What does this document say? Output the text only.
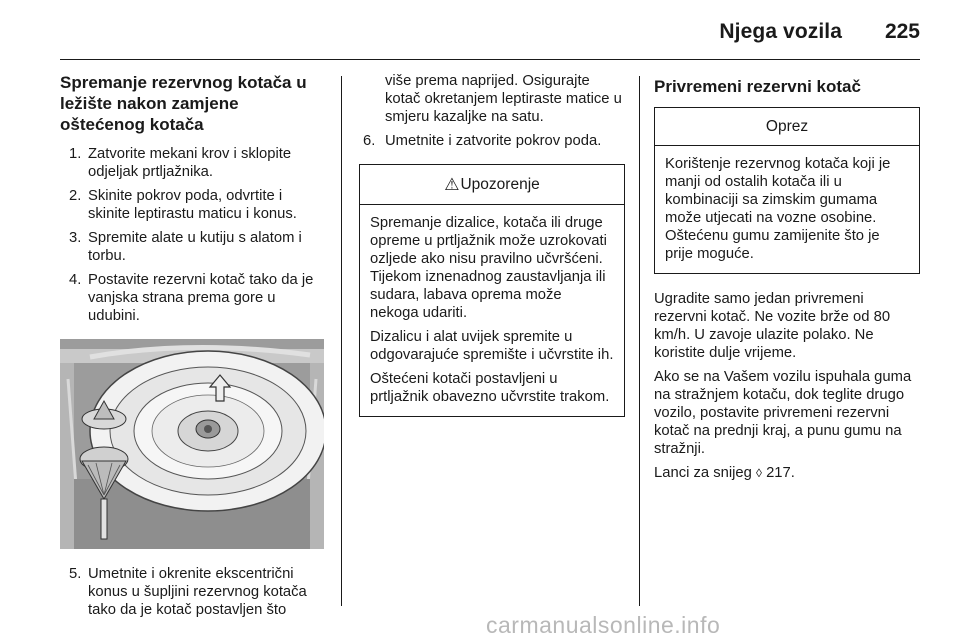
Njega vozila 225
Spremanje rezervnog kotača u ležište nakon zamjene oštećenog kotača
1. Zatvorite mekani krov i sklopite odjeljak prtljažnika.
2. Skinite pokrov poda, odvrtite i skinite leptirastu maticu i konus.
3. Spremite alate u kutiju s alatom i torbu.
4. Postavite rezervni kotač tako da je vanjska strana prema gore u udubini.
5. Umetnite i okrenite ekscentrični konus u šupljini rezervnog kotača tako da je kotač postavljen što

više prema naprijed. Osigurajte kotač okretanjem leptiraste matice u smjeru kazaljke na satu.

6. Umetnite i zatvorite pokrov poda.
⚠ Upozorenje

Spremanje dizalice, kotača ili druge opreme u prtljažnik može uzrokovati ozljede ako nisu pravilno učvršćeni. Tijekom iznenadnog zaustavljanja ili sudara, labava oprema može nekoga udariti.

Dizalicu i alat uvijek spremite u odgovarajuće spremište i učvrstite ih.

Oštećeni kotači postavljeni u prtljažnik obavezno učvrstite trakom.

Privremeni rezervni kotač
Oprez

Korištenje rezervnog kotača koji je manji od ostalih kotača ili u kombinaciji sa zimskim gumama može utjecati na vozne osobine. Oštećenu gumu zamijenite što je prije moguće.

Ugradite samo jedan privremeni rezervni kotač. Ne vozite brže od 80 km/h. U zavoje ulazite polako. Ne koristite dulje vrijeme.

Ako se na Vašem vozilu ispuhala guma na stražnjem kotaču, dok teglite drugo vozilo, postavite privremeni rezervni kotač na prednji kraj, a punu gumu na stražnji.

Lanci za snijeg ◊ 217.

carmanualsonline.info
